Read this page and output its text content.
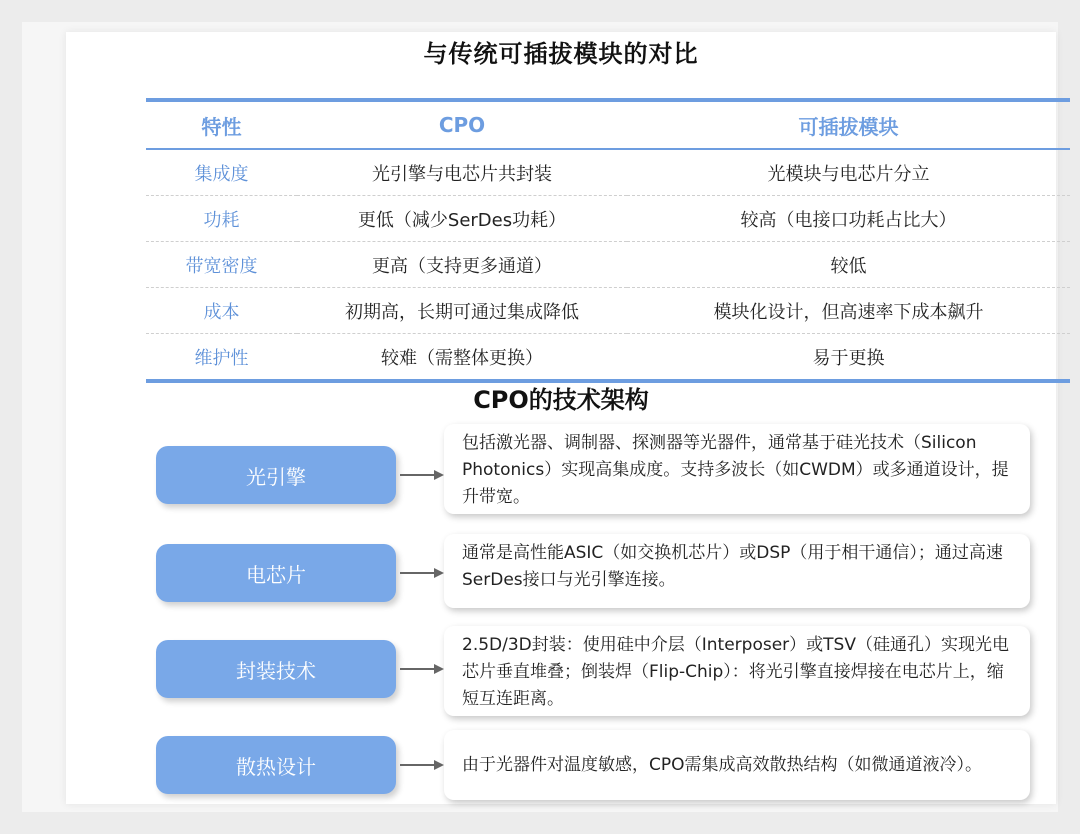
与传统可插拔模块的对比
特性	CPO	可插拔模块
集成度	光引擎与电芯片共封装	光模块与电芯片分立
功耗	更低（减少SerDes功耗）	较高（电接口功耗占比大）
带宽密度	更高（支持更多通道）	较低
成本	初期高，长期可通过集成降低	模块化设计，但高速率下成本飙升
维护性	较难（需整体更换）	易于更换
CPO的技术架构
光引擎
包括激光器、调制器、探测器等光器件，通常基于硅光技术（Silicon Photonics）实现高集成度。支持多波长（如CWDM）或多通道设计，提升带宽。
电芯片
通常是高性能ASIC（如交换机芯片）或DSP（用于相干通信）；通过高速SerDes接口与光引擎连接。
封装技术
2.5D/3D封装：使用硅中介层（Interposer）或TSV（硅通孔）实现光电芯片垂直堆叠；倒装焊（Flip-Chip）：将光引擎直接焊接在电芯片上，缩短互连距离。
散热设计	由于光器件对温度敏感，CPO需集成高效散热结构（如微通道液冷）。
